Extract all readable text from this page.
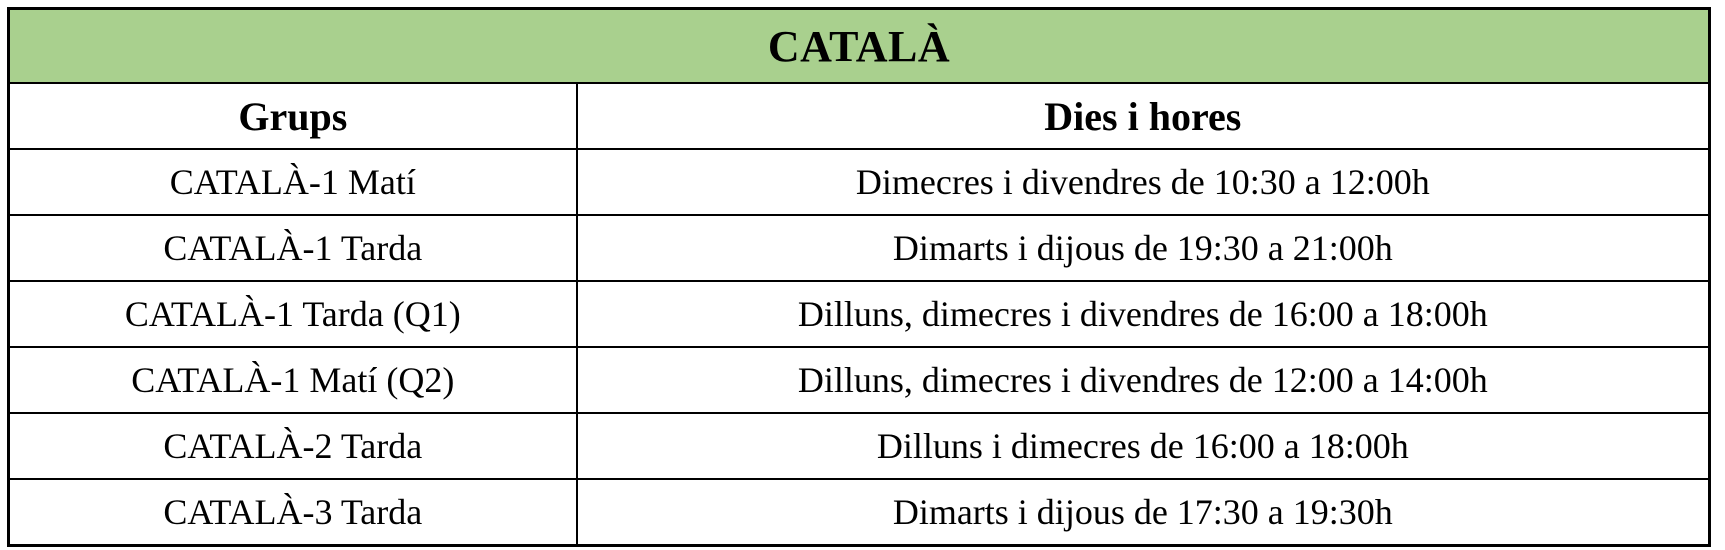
CATALÀ	
Grups	Dies i hores
CATALÀ-1 Matí	Dimecres i divendres de 10:30 a 12:00h
CATALÀ-1 Tarda	Dimarts i dijous de 19:30 a 21:00h
CATALÀ-1 Tarda (Q1)	Dilluns, dimecres i divendres de 16:00 a 18:00h
CATALÀ-1 Matí (Q2)	Dilluns, dimecres i divendres de 12:00 a 14:00h
CATALÀ-2 Tarda	Dilluns i dimecres de 16:00 a 18:00h
CATALÀ-3 Tarda	Dimarts i dijous de 17:30 a 19:30h
